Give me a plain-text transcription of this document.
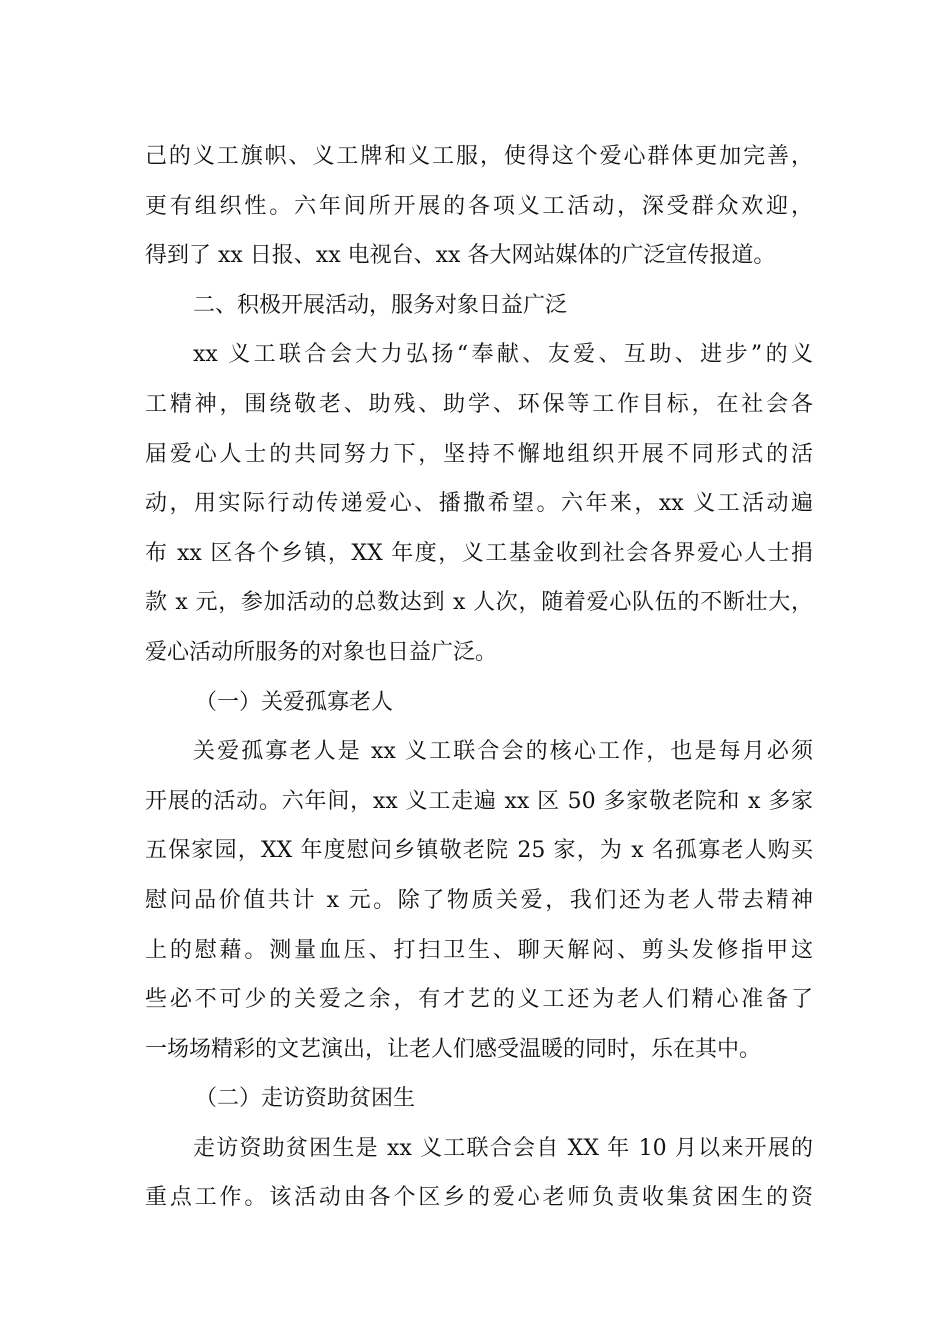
己的义工旗帜、义工牌和义工服，使得这个爱心群体更加完善，
更有组织性。六年间所开展的各项义工活动，深受群众欢迎，
得到了 xx 日报、xx 电视台、xx 各大网站媒体的广泛宣传报道。
二、积极开展活动，服务对象日益广泛
xx 义工联合会大力弘扬“奉献、友爱、互助、进步”的义
工精神，围绕敬老、助残、助学、环保等工作目标，在社会各
届爱心人士的共同努力下，坚持不懈地组织开展不同形式的活
动，用实际行动传递爱心、播撒希望。六年来，xx 义工活动遍
布 xx 区各个乡镇，XX 年度，义工基金收到社会各界爱心人士捐
款 x 元，参加活动的总数达到 x 人次，随着爱心队伍的不断壮大，
爱心活动所服务的对象也日益广泛。
（一）关爱孤寡老人
关爱孤寡老人是 xx 义工联合会的核心工作，也是每月必须
开展的活动。六年间，xx 义工走遍 xx 区 50 多家敬老院和 x 多家
五保家园，XX 年度慰问乡镇敬老院 25 家，为 x 名孤寡老人购买
慰问品价值共计 x 元。除了物质关爱，我们还为老人带去精神
上的慰藉。测量血压、打扫卫生、聊天解闷、剪头发修指甲这
些必不可少的关爱之余，有才艺的义工还为老人们精心准备了
一场场精彩的文艺演出，让老人们感受温暖的同时，乐在其中。
（二）走访资助贫困生
走访资助贫困生是 xx 义工联合会自 XX 年 10 月以来开展的
重点工作。该活动由各个区乡的爱心老师负责收集贫困生的资
